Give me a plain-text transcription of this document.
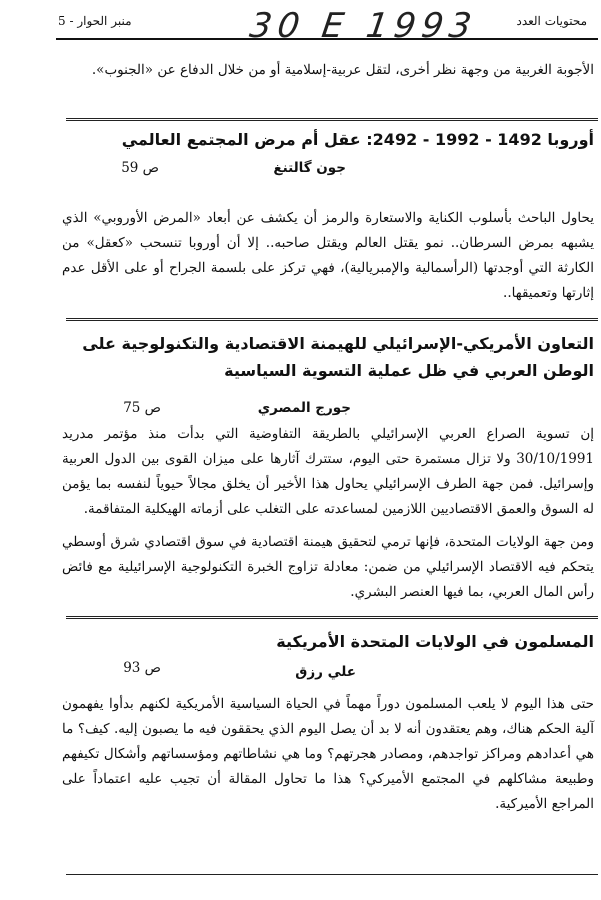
محتويات العدد
30 E 1993
منبر الحوار - 5

الأجوبة الغربية من وجهة نظر أخرى، لتقل عربية-إسلامية أو من خلال الدفاع عن «الجنوب».

أوروبا 1492 - 1992 - 2492: عقل أم مرض المجتمع العالمي
جون گالتنغ
ص 59

يحاول الباحث بأسلوب الكناية والاستعارة والرمز أن يكشف عن أبعاد «المرض الأوروبي» الذي يشبهه بمرض السرطان.. نمو يقتل العالم ويقتل صاحبه.. إلا أن أوروبا تنسحب «كعقل» من الكارثة التي أوجدتها (الرأسمالية والإمبريالية)، فهي تركز على بلسمة الجراح أو على الأقل عدم إثارتها وتعميقها..

التعاون الأمريكي-الإسرائيلي للهيمنة الاقتصادية والتكنولوجية على الوطن العربي في ظل عملية التسوية السياسية
جورج المصري
ص 75

إن تسوية الصراع العربي الإسرائيلي بالطريقة التفاوضية التي بدأت منذ مؤتمر مدريد 30/10/1991 ولا تزال مستمرة حتى اليوم، ستترك آثارها على ميزان القوى بين الدول العربية وإسرائيل. فمن جهة الطرف الإسرائيلي يحاول هذا الأخير أن يخلق مجالاً حيوياً لنفسه بما يؤمن له السوق والعمق الاقتصاديين اللازمين لمساعدته على التغلب على أزماته الهيكلية المتفاقمة.

ومن جهة الولايات المتحدة، فإنها ترمي لتحقيق هيمنة اقتصادية في سوق اقتصادي شرق أوسطي يتحكم فيه الاقتصاد الإسرائيلي من ضمن: معادلة تزاوج الخبرة التكنولوجية الإسرائيلية مع فائض رأس المال العربي، بما فيها العنصر البشري.

المسلمون في الولايات المتحدة الأمريكية
علي رزق
ص 93

حتى هذا اليوم لا يلعب المسلمون دوراً مهماً في الحياة السياسية الأمريكية لكنهم بدأوا يفهمون آلية الحكم هناك، وهم يعتقدون أنه لا بد أن يصل اليوم الذي يحققون فيه ما يصبون إليه. كيف؟ ما هي أعدادهم ومراكز تواجدهم، ومصادر هجرتهم؟ وما هي نشاطاتهم ومؤسساتهم وأشكال تكيفهم وطبيعة مشاكلهم في المجتمع الأميركي؟ هذا ما تحاول المقالة أن تجيب عليه اعتماداً على المراجع الأميركية.
